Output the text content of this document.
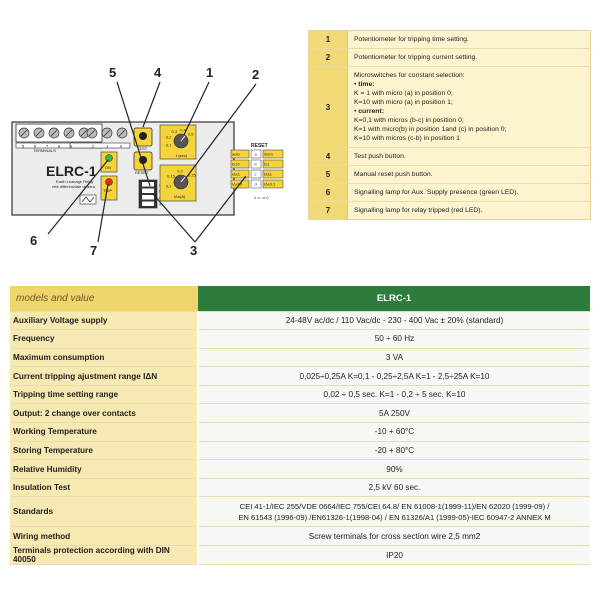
5 6 7 8 9	2	1	0
TERMINALS
ELRC-1
Earth Leakage Relay
relè differenziale di terra
TEST
ON
TRIP
RESET
d
0,1
0,2
0,3 0,4
0,5
t (sec)
0,1
0,15
0,2
0,25
IΔn(A)
RESET
auto	a mem
tx10	b tx1
IΔx1	c IΔx1
IΔx10	d IΔx0,1
1 ⇐ ⇒ 0
5	4	1	2
6
7	3
1	Potentiometer for tripping time setting.
2	Potentiometer for tripping current setting.
3
Microswitches for constant selection:
• time:
K = 1 with micro (a) in position 0;
K=10 with micro (a) in position 1;
• current:
K=0,1 with micros (b-c) in position 0;
K=1 with micro(b) in position 1and (c) in position 0;
K=10 with micros (c-b) in position 1
4	Test push button.
5	Manual reset push button.
6	Signalling lamp for Aux. Supply presence (green LED).
7	Signalling lamp for relay tripped (red LED).
models and value	ELRC-1
Auxiliary Voltage supply	24-48V ac/dc / 110 Vac/dc - 230 - 400 Vac ± 20% (standard)
Frequency	50 ÷ 60 Hz
Maximum consumption	3 VA
Current tripping ajustment range IΔN	0,025÷0,25A K=0,1 - 0,25÷2,5A K=1 - 2,5÷25A K=10
Tripping time setting range	0,02 ÷ 0,5 sec. K=1 - 0,2 ÷ 5 sec. K=10
Output: 2 change over contacts	5A 250V
Working Temperature	-10 + 60°C
Storing Temperature	-20 + 80°C
Relative Humidity	90%
Insulation Test	2,5 kV 60 sec.
Standards	CEI 41-1/IEC 255/VDE 0664/IEC 755/CEI 64.8/ EN 61008-1(1999-11)/EN 62020 (1999-09) /
EN 61543 (1996-09) /EN61326-1(1998-04) / EN 61326/A1 (1999-05)-IEC 60947-2 ANNEX M

Wiring method	Screw terminals for cross section wire 2,5 mm2
Terminals protection according with DIN 40050	IP20
